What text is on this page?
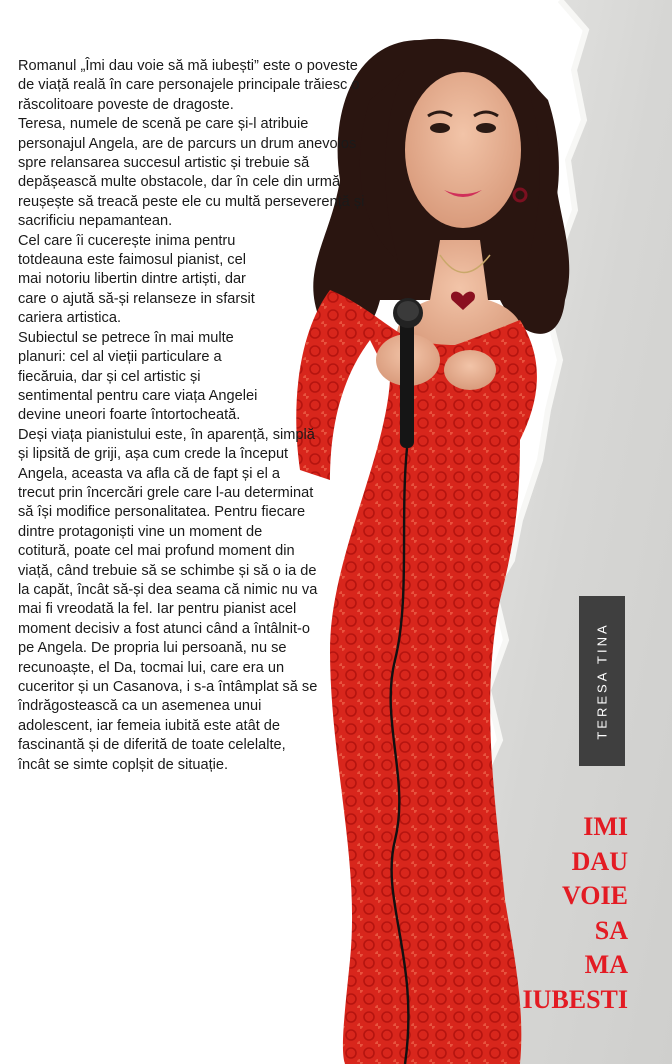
Romanul „Îmi dau voie să mă iubești” este o poveste de viață reală în care personajele principale trăiesc o răscolitoare poveste de dragoste.

Teresa, numele de scenă pe care și-l atribuie personajul Angela, are de parcurs un drum anevoios spre relansarea succesul artistic și trebuie să depășească multe obstacole, dar în cele din urmă reușește să treacă peste ele cu multă perseverență și sacrificiu nepamantean.

Cel care îi cucerește inima pentru totdeauna este faimosul pianist, cel mai notoriu libertin dintre artiști, dar care o ajută să-și relanseze in sfarsit cariera artistica.

Subiectul se petrece în mai multe planuri: cel al vieții particulare a fiecăruia, dar și cel artistic și sentimental pentru care viața Angelei devine uneori foarte întortocheată.

Deși viața pianistului este, în aparență, simplă și lipsită de griji, așa cum crede la început Angela, aceasta va afla că de fapt și el a trecut prin încercări grele care l-au determinat să își modifice personalitatea. Pentru fiecare dintre protagoniști vine un moment de cotitură, poate cel mai profund moment din viață, când trebuie să se schimbe și să o ia de la capăt, încât să-și dea seama că nimic nu va mai fi vreodată la fel. Iar pentru pianist acel moment decisiv a fost atunci când a întâlnit-o pe Angela. De propria lui persoană, nu se recunoaște, el Da, tocmai lui, care era un cuceritor și un Casanova, i s-a întâmplat să se îndrăgostească ca un asemenea unui adolescent, iar femeia iubită este atât de fascinantă și de diferită de toate celelalte, încât se simte coplșit de situație.

TERESA TINA
IMI
DAU
VOIE
SA
MA
IUBESTI
